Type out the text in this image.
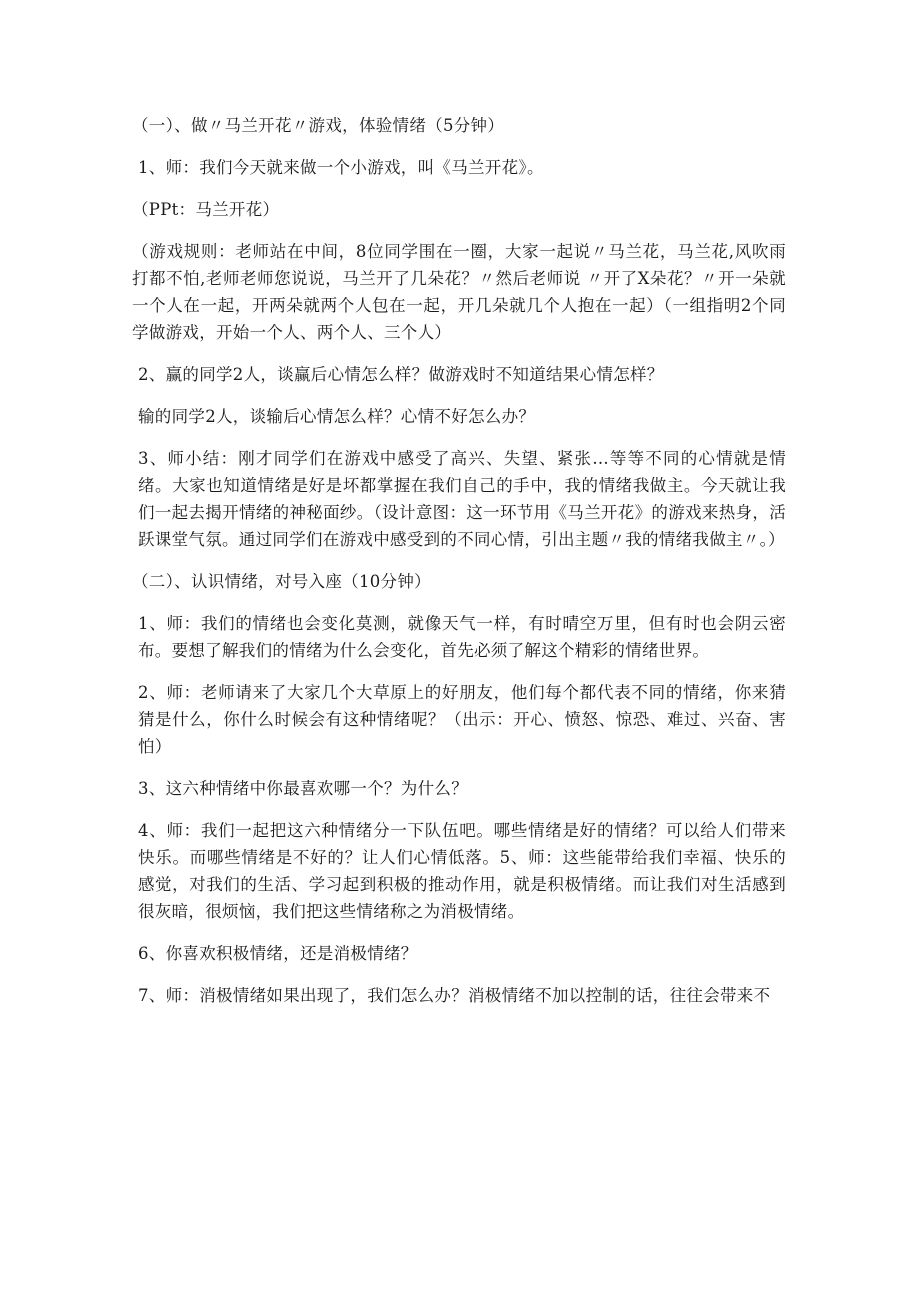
（一）、做〃马兰开花〃游戏，体验情绪（5分钟）

1、师：我们今天就来做一个小游戏，叫《马兰开花》。

（PPt：马兰开花）

（游戏规则：老师站在中间，8位同学围在一圈，大家一起说〃马兰花，马兰花,风吹雨打都不怕,老师老师您说说，马兰开了几朵花？〃然后老师说 〃开了X朵花？〃开一朵就一个人在一起，开两朵就两个人包在一起，开几朵就几个人抱在一起）（一组指明2个同学做游戏，开始一个人、两个人、三个人）

2、赢的同学2人，谈赢后心情怎么样？做游戏时不知道结果心情怎样？

输的同学2人，谈输后心情怎么样？心情不好怎么办？

3、师小结：刚才同学们在游戏中感受了高兴、失望、紧张…等等不同的心情就是情绪。大家也知道情绪是好是坏都掌握在我们自己的手中，我的情绪我做主。今天就让我们一起去揭开情绪的神秘面纱。（设计意图：这一环节用《马兰开花》的游戏来热身，活跃课堂气氛。通过同学们在游戏中感受到的不同心情，引出主题〃我的情绪我做主〃。）

（二）、认识情绪，对号入座（10分钟）

1、师：我们的情绪也会变化莫测，就像天气一样，有时晴空万里，但有时也会阴云密布。要想了解我们的情绪为什么会变化，首先必须了解这个精彩的情绪世界。

2、师：老师请来了大家几个大草原上的好朋友，他们每个都代表不同的情绪，你来猜猜是什么，你什么时候会有这种情绪呢？（出示：开心、愤怒、惊恐、难过、兴奋、害怕）

3、这六种情绪中你最喜欢哪一个？为什么？

4、师：我们一起把这六种情绪分一下队伍吧。哪些情绪是好的情绪？可以给人们带来快乐。而哪些情绪是不好的？让人们心情低落。5、师：这些能带给我们幸福、快乐的感觉，对我们的生活、学习起到积极的推动作用，就是积极情绪。而让我们对生活感到很灰暗，很烦恼，我们把这些情绪称之为消极情绪。

6、你喜欢积极情绪，还是消极情绪？

7、师：消极情绪如果出现了，我们怎么办？消极情绪不加以控制的话，往往会带来不
